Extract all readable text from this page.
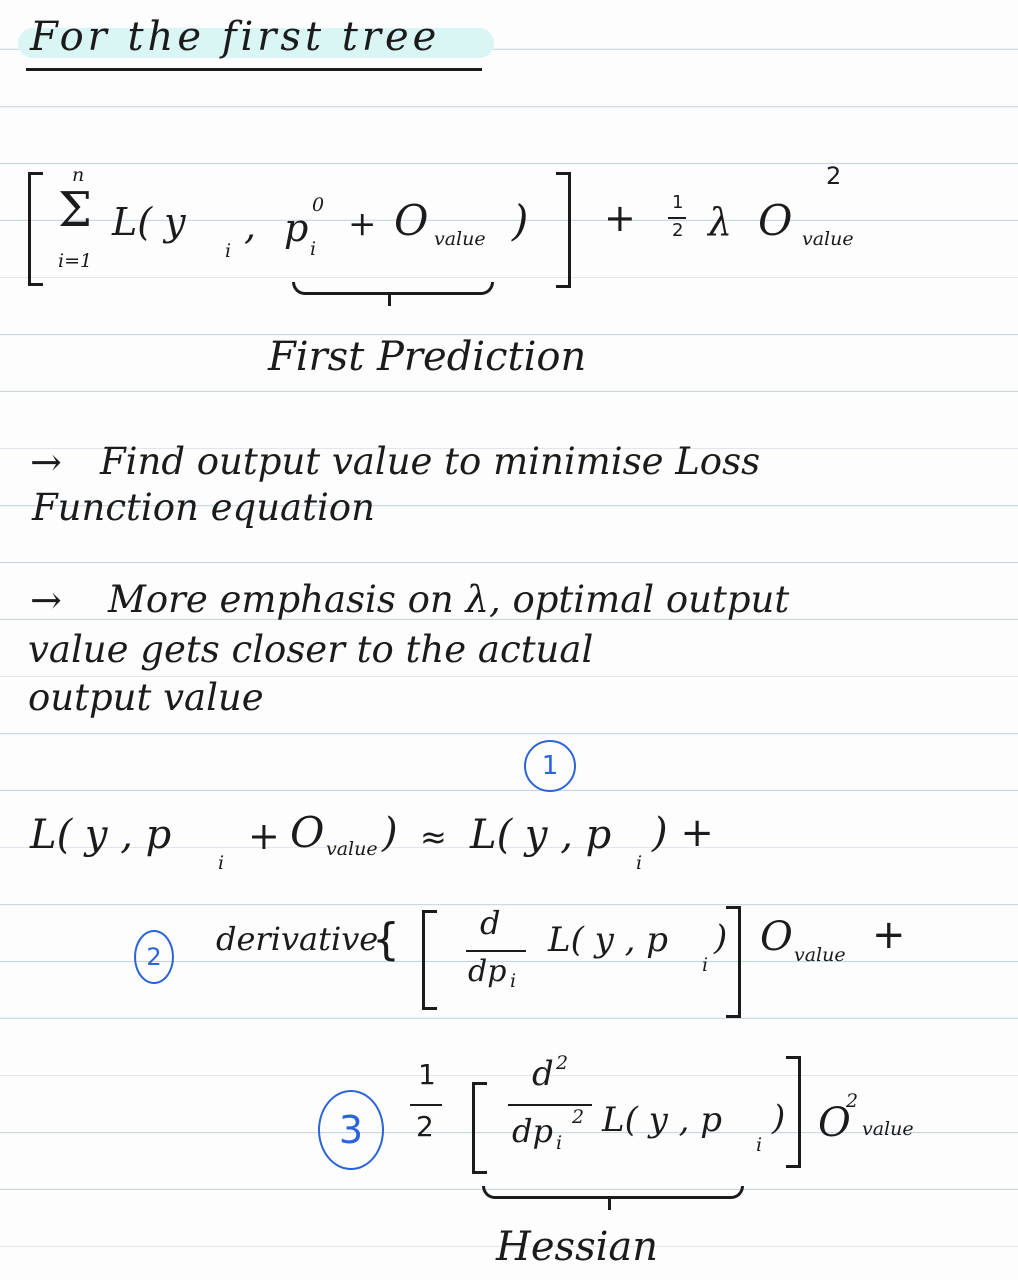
For the first tree

n
Σ
i=1
L( y
i
, p
0
i
+ O value ) + 1
2 λ O value
2
First Prediction
→ Find output value to minimise Loss
Function equation
→ More emphasis on λ, optimal output
value gets closer to the actual
output value
1
L( y , p
i
+ O value ) ≈ L( y , p
i
) +
2	derivative
{	d
dp i
L( y , p
i
) O value +
3
1
2
d 2
dp 2
i
L( y , p
i
) O
2
value
Hessian
